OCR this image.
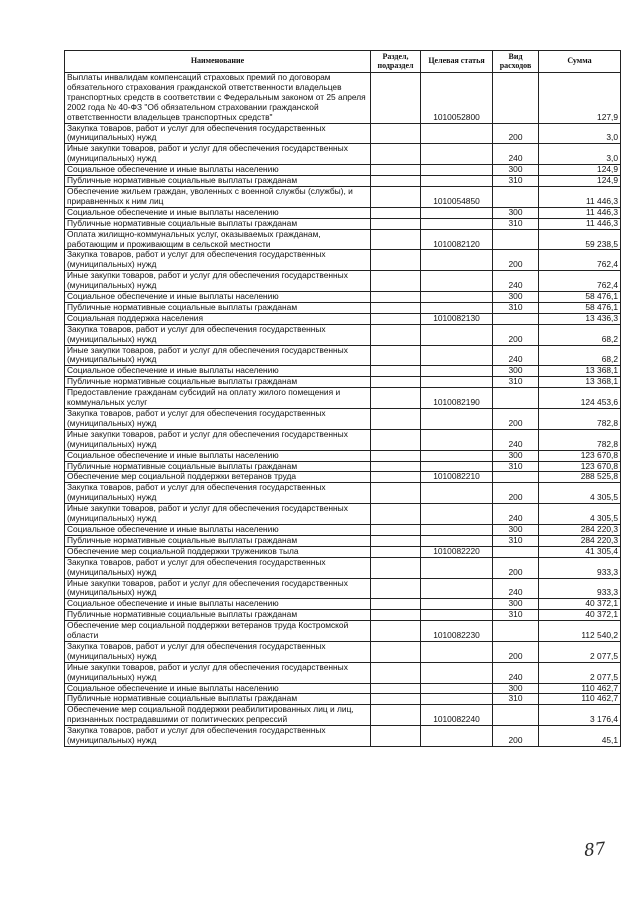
Наименование	Раздел, подраздел	Целевая статья	Вид расходов	Сумма
Выплаты инвалидам компенсаций страховых премий по договорам обязательного страхования гражданской ответственности владельцев транспортных средств в соответствии с Федеральным законом от 25 апреля 2002 года № 40-ФЗ "Об обязательном страховании гражданской ответственности владельцев транспортных средств"		1010052800		127,9
Закупка товаров, работ и услуг для обеспечения государственных (муниципальных) нужд			200	3,0
Иные закупки товаров, работ и услуг для обеспечения государственных (муниципальных) нужд			240	3,0
Социальное обеспечение и иные выплаты населению			300	124,9
Публичные нормативные социальные выплаты гражданам			310	124,9
Обеспечение жильем граждан, уволенных с военной службы (службы), и приравненных к ним лиц		1010054850		11 446,3
Социальное обеспечение и иные выплаты населению			300	11 446,3
Публичные нормативные социальные выплаты гражданам			310	11 446,3
Оплата жилищно-коммунальных услуг, оказываемых гражданам, работающим и проживающим в сельской местности		1010082120		59 238,5
Закупка товаров, работ и услуг для обеспечения государственных (муниципальных) нужд			200	762,4
Иные закупки товаров, работ и услуг для обеспечения государственных (муниципальных) нужд			240	762,4
Социальное обеспечение и иные выплаты населению			300	58 476,1
Публичные нормативные социальные выплаты гражданам			310	58 476,1
Социальная поддержка населения		1010082130		13 436,3
Закупка товаров, работ и услуг для обеспечения государственных (муниципальных) нужд			200	68,2
Иные закупки товаров, работ и услуг для обеспечения государственных (муниципальных) нужд			240	68,2
Социальное обеспечение и иные выплаты населению			300	13 368,1
Публичные нормативные социальные выплаты гражданам			310	13 368,1
Предоставление гражданам субсидий на оплату жилого помещения и коммунальных услуг		1010082190		124 453,6
Закупка товаров, работ и услуг для обеспечения государственных (муниципальных) нужд			200	782,8
Иные закупки товаров, работ и услуг для обеспечения государственных (муниципальных) нужд			240	782,8
Социальное обеспечение и иные выплаты населению			300	123 670,8
Публичные нормативные социальные выплаты гражданам			310	123 670,8
Обеспечение мер социальной поддержки ветеранов труда		1010082210		288 525,8
Закупка товаров, работ и услуг для обеспечения государственных (муниципальных) нужд			200	4 305,5
Иные закупки товаров, работ и услуг для обеспечения государственных (муниципальных) нужд			240	4 305,5
Социальное обеспечение и иные выплаты населению			300	284 220,3
Публичные нормативные социальные выплаты гражданам			310	284 220,3
Обеспечение мер социальной поддержки тружеников тыла		1010082220		41 305,4
Закупка товаров, работ и услуг для обеспечения государственных (муниципальных) нужд			200	933,3
Иные закупки товаров, работ и услуг для обеспечения государственных (муниципальных) нужд			240	933,3
Социальное обеспечение и иные выплаты населению			300	40 372,1
Публичные нормативные социальные выплаты гражданам			310	40 372,1
Обеспечение мер социальной поддержки ветеранов труда Костромской области		1010082230		112 540,2
Закупка товаров, работ и услуг для обеспечения государственных (муниципальных) нужд			200	2 077,5
Иные закупки товаров, работ и услуг для обеспечения государственных (муниципальных) нужд			240	2 077,5
Социальное обеспечение и иные выплаты населению			300	110 462,7
Публичные нормативные социальные выплаты гражданам			310	110 462,7
Обеспечение мер социальной поддержки реабилитированных лиц и лиц, признанных пострадавшими от политических репрессий		1010082240		3 176,4
Закупка товаров, работ и услуг для обеспечения государственных (муниципальных) нужд			200	45,1
87
